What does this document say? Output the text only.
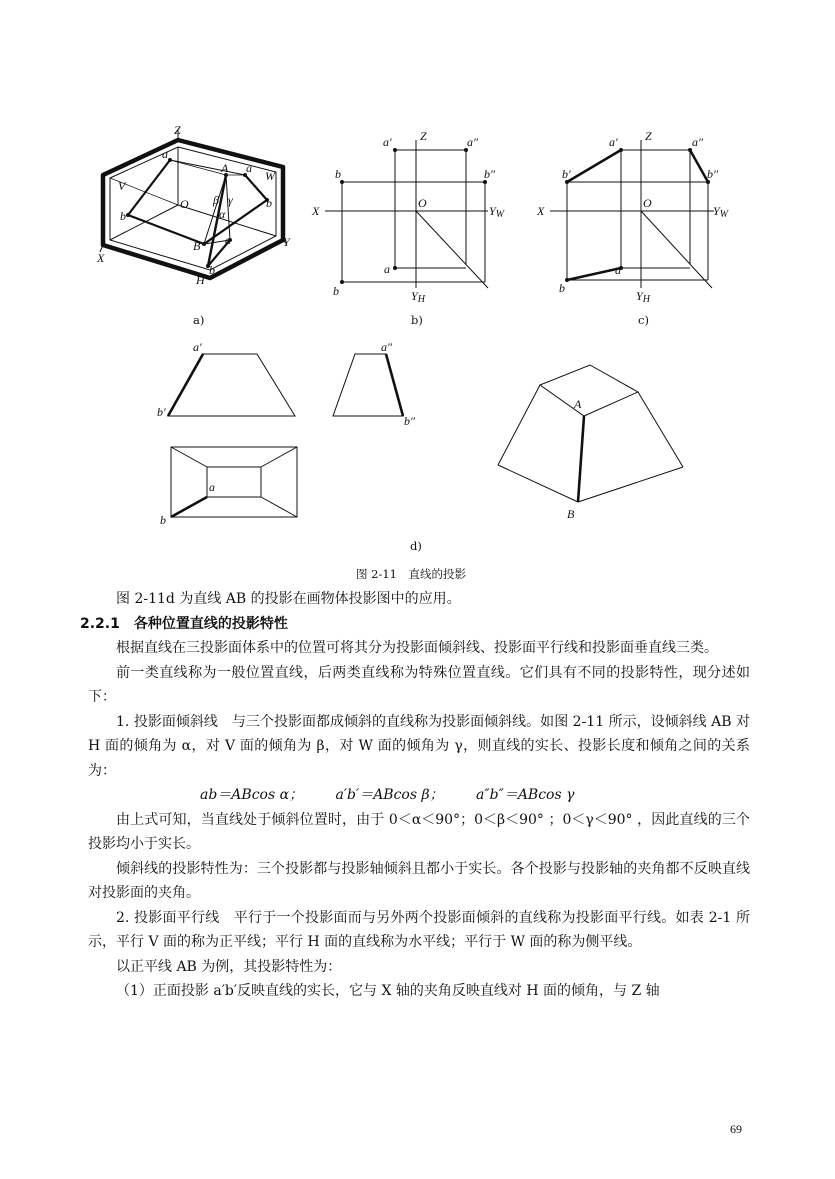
Z
a
A a
V
W
O β γ
α
b
b
B a	Y
X
b
H
a)
a′ Z	a″
b	b″
X
O
YW
a
b	YH
b)
a′ Z	a″
b′	b″
X
O
YW
a
b
YH
c)
a′
b′
a″
b″
a
b
A
B
d)
图 2-11　直线的投影

图 2-11d 为直线 AB 的投影在画物体投影图中的应用。

2.2.1　各种位置直线的投影特性

根据直线在三投影面体系中的位置可将其分为投影面倾斜线、投影面平行线和投影面垂直线三类。

前一类直线称为一般位置直线，后两类直线称为特殊位置直线。它们具有不同的投影特性，现分述如下：

1. 投影面倾斜线　与三个投影面都成倾斜的直线称为投影面倾斜线。如图 2-11 所示，设倾斜线 AB 对 H 面的倾角为 α，对 V 面的倾角为 β，对 W 面的倾角为 γ，则直线的实长、投影长度和倾角之间的关系为：

ab＝ABcos α； a′b′＝ABcos β； a″b″＝ABcos γ

由上式可知，当直线处于倾斜位置时，由于 0＜α＜90°；0＜β＜90° ；0＜γ＜90° ，因此直线的三个投影均小于实长。

倾斜线的投影特性为：三个投影都与投影轴倾斜且都小于实长。各个投影与投影轴的夹角都不反映直线对投影面的夹角。

2. 投影面平行线　平行于一个投影面而与另外两个投影面倾斜的直线称为投影面平行线。如表 2-1 所示，平行 V 面的称为正平线；平行 H 面的直线称为水平线；平行于 W 面的称为侧平线。

以正平线 AB 为例，其投影特性为：

（1）正面投影 a′b′反映直线的实长，它与 X 轴的夹角反映直线对 H 面的倾角，与 Z 轴

69
